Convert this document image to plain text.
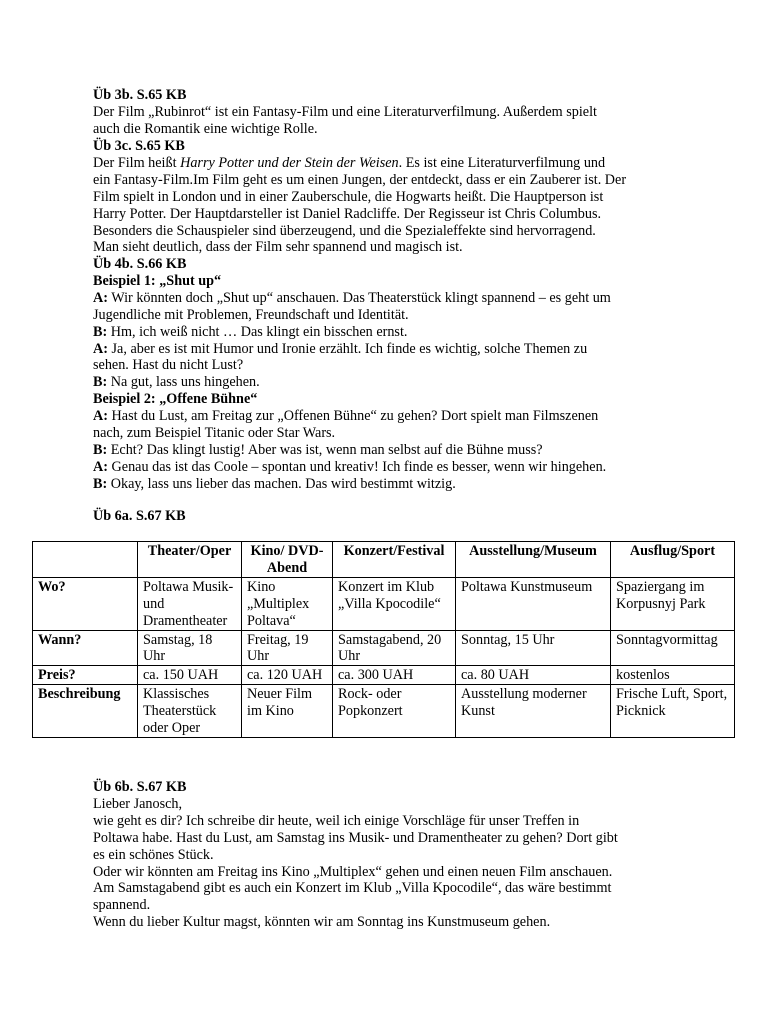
Üb 3b. S.65 KB
Der Film „Rubinrot“ ist ein Fantasy-Film und eine Literaturverfilmung. Außerdem spielt
auch die Romantik eine wichtige Rolle.
Üb 3c. S.65 KB
Der Film heißt Harry Potter und der Stein der Weisen. Es ist eine Literaturverfilmung und
ein Fantasy-Film.Im Film geht es um einen Jungen, der entdeckt, dass er ein Zauberer ist. Der
Film spielt in London und in einer Zauberschule, die Hogwarts heißt. Die Hauptperson ist
Harry Potter. Der Hauptdarsteller ist Daniel Radcliffe. Der Regisseur ist Chris Columbus.
Besonders die Schauspieler sind überzeugend, und die Spezialeffekte sind hervorragend.
Man sieht deutlich, dass der Film sehr spannend und magisch ist.
Üb 4b. S.66 KB
Beispiel 1: „Shut up“
A: Wir könnten doch „Shut up“ anschauen. Das Theaterstück klingt spannend – es geht um
Jugendliche mit Problemen, Freundschaft und Identität.
B: Hm, ich weiß nicht … Das klingt ein bisschen ernst.
A: Ja, aber es ist mit Humor und Ironie erzählt. Ich finde es wichtig, solche Themen zu
sehen. Hast du nicht Lust?
B: Na gut, lass uns hingehen.
Beispiel 2: „Offene Bühne“
A: Hast du Lust, am Freitag zur „Offenen Bühne“ zu gehen? Dort spielt man Filmszenen
nach, zum Beispiel Titanic oder Star Wars.
B: Echt? Das klingt lustig! Aber was ist, wenn man selbst auf die Bühne muss?
A: Genau das ist das Coole – spontan und kreativ! Ich finde es besser, wenn wir hingehen.
B: Okay, lass uns lieber das machen. Das wird bestimmt witzig.
Üb 6a. S.67 KB
	Theater/Oper	Kino/ DVD-Abend	Konzert/Festival	Ausstellung/Museum	Ausflug/Sport
Wo?	Poltawa Musik- und Dramentheater	Kino „Multiplex Poltava“	Konzert im Klub „Villa Kpocodile“	Poltawa Kunstmuseum	Spaziergang im Korpusnyj Park
Wann?	Samstag, 18 Uhr	Freitag, 19 Uhr	Samstagabend, 20 Uhr	Sonntag, 15 Uhr	Sonntagvormittag
Preis?	ca. 150 UAH	ca. 120 UAH	ca. 300 UAH	ca. 80 UAH	kostenlos
Beschreibung	Klassisches Theaterstück oder Oper	Neuer Film im Kino	Rock- oder Popkonzert	Ausstellung moderner Kunst	Frische Luft, Sport, Picknick
Üb 6b. S.67 KB
Lieber Janosch,
wie geht es dir? Ich schreibe dir heute, weil ich einige Vorschläge für unser Treffen in
Poltawa habe. Hast du Lust, am Samstag ins Musik- und Dramentheater zu gehen? Dort gibt
es ein schönes Stück.
Oder wir könnten am Freitag ins Kino „Multiplex“ gehen und einen neuen Film anschauen.
Am Samstagabend gibt es auch ein Konzert im Klub „Villa Kpocodile“, das wäre bestimmt
spannend.
Wenn du lieber Kultur magst, könnten wir am Sonntag ins Kunstmuseum gehen.
